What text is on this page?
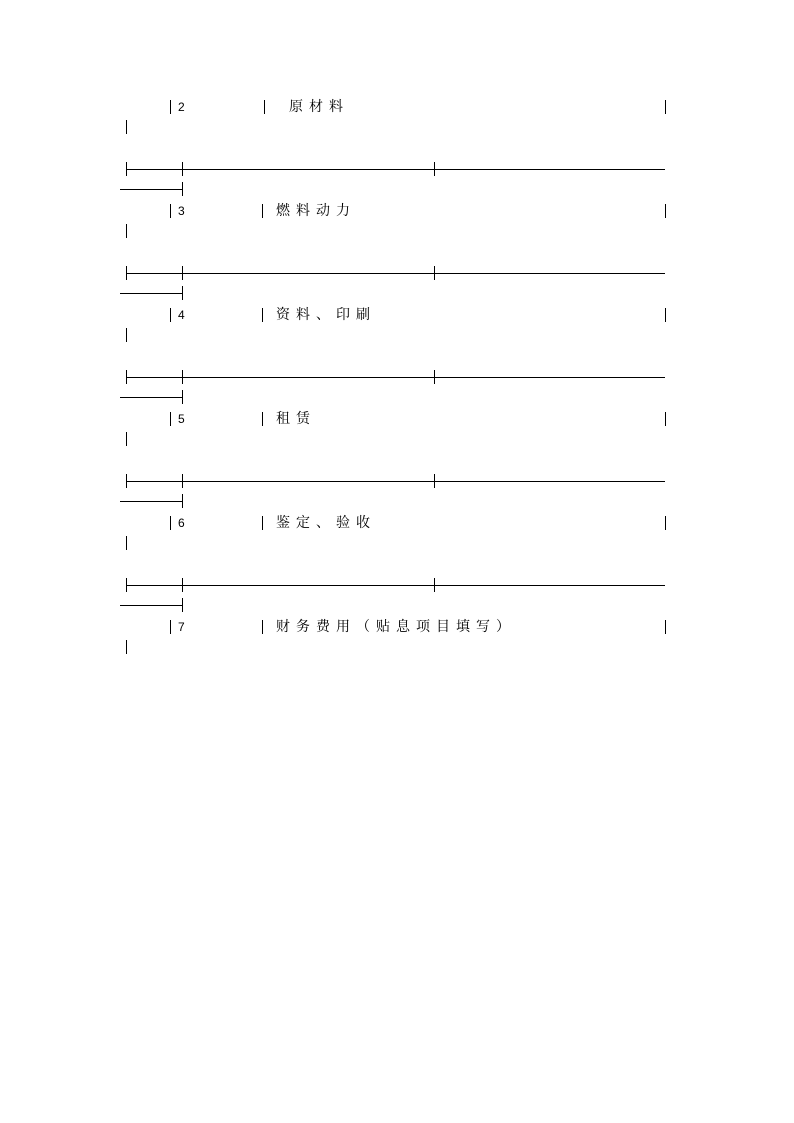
2	原材料
3	燃料动力
4	资料、印刷
5	租赁
6	鉴定、验收
7	财务费用（贴息项目填写）
